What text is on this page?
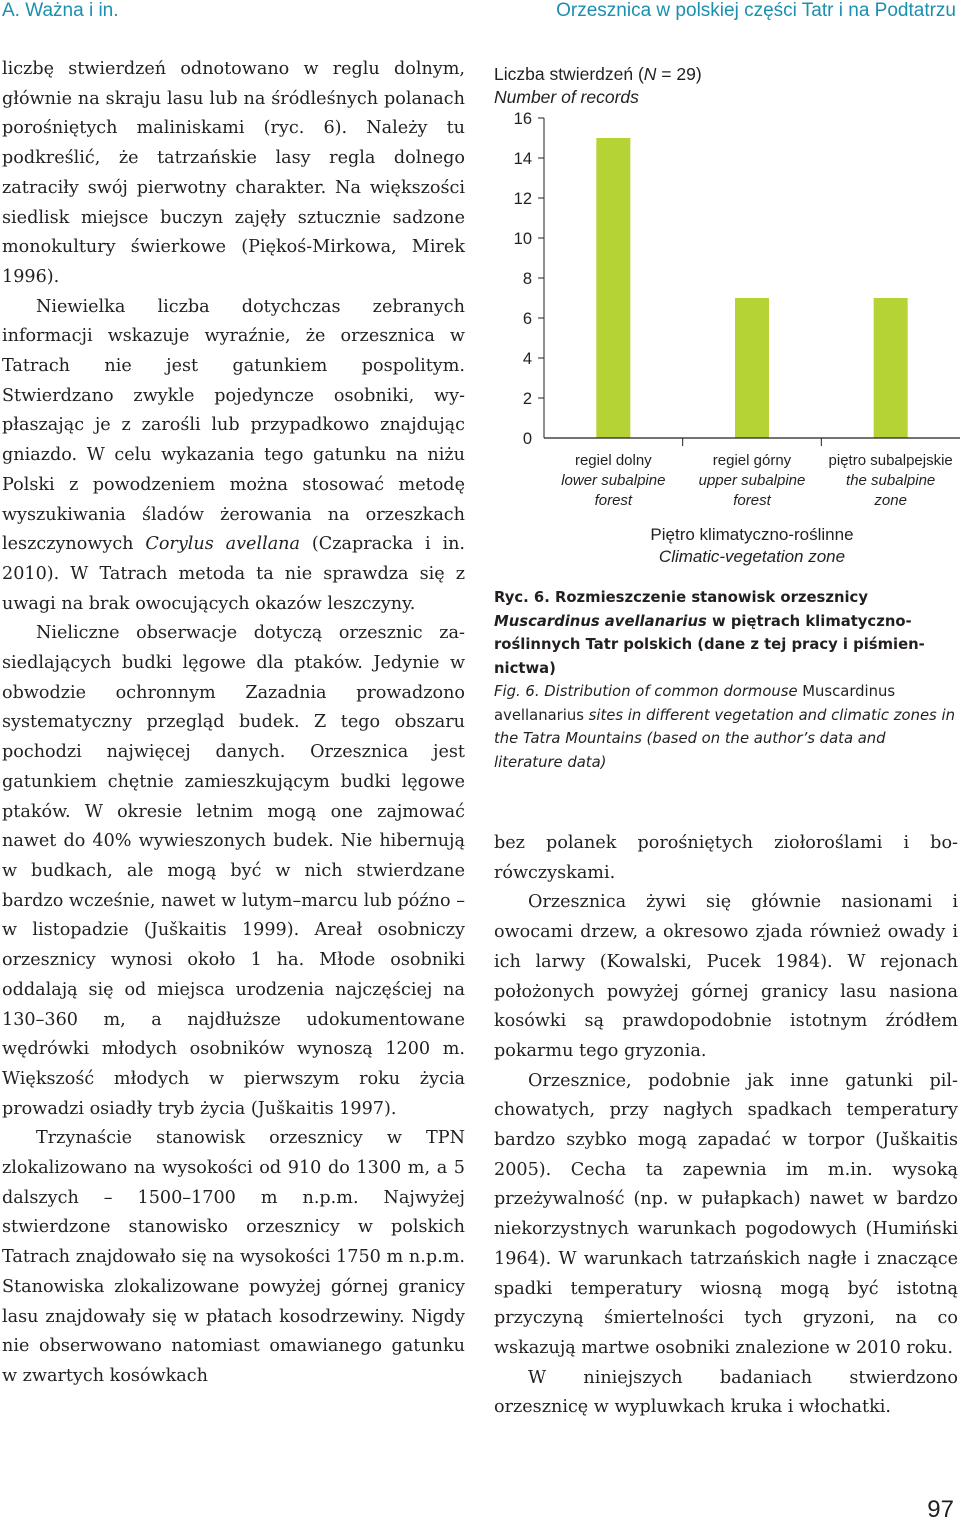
A. Ważna i in.	Orzesznica w polskiej części Tatr i na Podtatrzu

liczbę stwierdzeń odnotowano w reglu dolnym, głównie na skraju lasu lub na śródleśnych polanach porośniętych maliniskami (ryc. 6). Należy tu podkreślić, że tatrzańskie lasy regla dolnego zatraciły swój pierwotny charakter. Na większości siedlisk miejsce buczyn zajęły sztucznie sadzone monokultury świerkowe (Piękoś-Mirkowa, Mirek 1996).

Niewielka liczba dotychczas zebranych informacji wskazuje wyraźnie, że orzesznica w Tatrach nie jest gatunkiem pospolitym. Stwierdzano zwykle pojedyncze osobniki, wypłaszając je z zarośli lub przypadkowo znajdując gniazdo. W celu wykazania tego gatunku na niżu Polski z powodzeniem można stosować metodę wyszukiwania śladów żerowania na orzeszkach leszczynowych Corylus avellana (Czapracka i in. 2010). W Tatrach metoda ta nie sprawdza się z uwagi na brak owocujących okazów leszczyny.

Nieliczne obserwacje dotyczą orzesznic zasiedlających budki lęgowe dla ptaków. Jedynie w obwodzie ochronnym Zazadnia prowadzono systematyczny przegląd budek. Z tego obszaru pochodzi najwięcej danych. Orzesznica jest gatunkiem chętnie zamieszkującym budki lęgowe ptaków. W okresie letnim mogą one zajmować nawet do 40% wywieszonych budek. Nie hibernują w budkach, ale mogą być w nich stwierdzane bardzo wcześnie, nawet w lutym–marcu lub późno – w listopadzie (Juškaitis 1999). Areał osobniczy orzesznicy wynosi około 1 ha. Młode osobniki oddalają się od miejsca urodzenia najczęściej na 130–360 m, a najdłuższe udokumentowane wędrówki młodych osobników wynoszą 1200 m. Większość młodych w pierwszym roku życia prowadzi osiadły tryb życia (Juškaitis 1997).

Trzynaście stanowisk orzesznicy w TPN zlokalizowano na wysokości od 910 do 1300 m, a 5 dalszych – 1500–1700 m n.p.m. Najwyżej stwierdzone stanowisko orzesznicy w polskich Tatrach znajdowało się na wysokości 1750 m n.p.m. Stanowiska zlokalizowane powyżej górnej granicy lasu znajdowały się w płatach kosodrzewiny. Nigdy nie obserwowano natomiast omawianego gatunku w zwartych kosówkach

Liczba stwierdzeń (N = 29)
Number of records
16
14
12
10
8
6
4
2
0
regiel dolny
lower subalpine
forest
regiel górny
upper subalpine
forest
piętro subalpejskie
the subalpine
zone
Piętro klimatyczno-roślinne
Climatic-vegetation zone

Ryc. 6. Rozmieszczenie stanowisk orzesznicy Muscardinus avellanarius w piętrach klimatyczno-roślinnych Tatr polskich (dane z tej pracy i piśmiennictwa)

Fig. 6. Distribution of common dormouse Muscardinus avellanarius sites in different vegetation and climatic zones in the Tatra Mountains (based on the author’s data and literature data)

bez polanek porośniętych ziołoroślami i borówczyskami.

Orzesznica żywi się głównie nasionami i owocami drzew, a okresowo zjada również owady i ich larwy (Kowalski, Pucek 1984). W rejonach położonych powyżej górnej granicy lasu nasiona kosówki są prawdopodobnie istotnym źródłem pokarmu tego gryzonia.

Orzesznice, podobnie jak inne gatunki pilchowatych, przy nagłych spadkach temperatury bardzo szybko mogą zapadać w torpor (Juškaitis 2005). Cecha ta zapewnia im m.in. wysoką przeżywalność (np. w pułapkach) nawet w bardzo niekorzystnych warunkach pogodowych (Humiński 1964). W warunkach tatrzańskich nagłe i znaczące spadki temperatury wiosną mogą być istotną przyczyną śmiertelności tych gryzoni, na co wskazują martwe osobniki znalezione w 2010 roku.

W niniejszych badaniach stwierdzono orzesznicę w wypluwkach kruka i włochatki.

97
